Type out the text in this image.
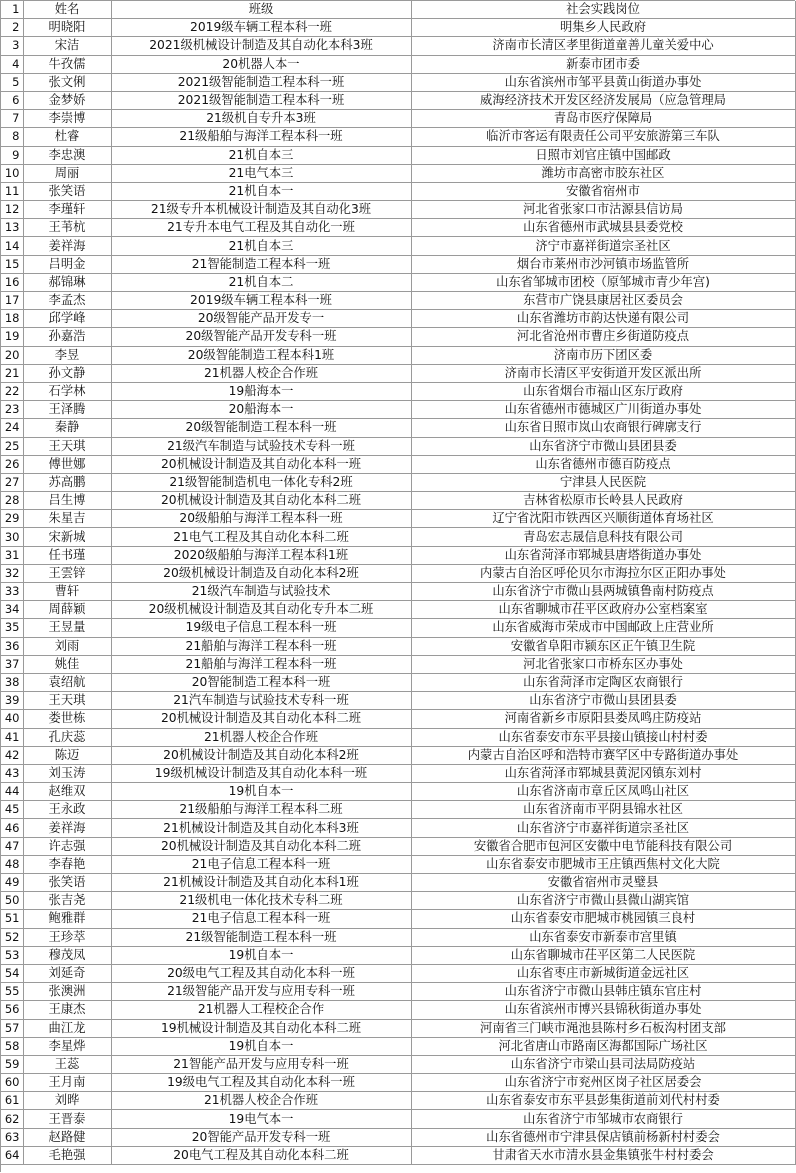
1	姓名	班级	社会实践岗位
2	明晓阳	2019级车辆工程本科一班	明集乡人民政府
3	宋洁	2021级机械设计制造及其自动化本科3班	济南市长清区孝里街道童善儿童关爱中心
4	牛孜儒	20机器人本一	新泰市团市委
5	张文俐	2021级智能制造工程本科一班	山东省滨州市邹平县黄山街道办事处
6	金梦娇	2021级智能制造工程本科一班	威海经济技术开发区经济发展局（应急管理局
7	李崇博	21级机自专升本3班	青岛市医疗保障局
8	杜睿	21级船舶与海洋工程本科一班	临沂市客运有限责任公司平安旅游第三车队
9	李忠澳	21机自本三	日照市刘官庄镇中国邮政
10	周丽	21电气本三	潍坊市高密市胶东社区
11	张笑语	21机自本一	安徽省宿州市
12	李瑾轩	21级专升本机械设计制造及其自动化3班	河北省张家口市沽源县信访局
13	王苇杭	21专升本电气工程及其自动化一班	山东省德州市武城县县委党校
14	姜祥海	21机自本三	济宁市嘉祥街道宗圣社区
15	吕明金	21智能制造工程本科一班	烟台市莱州市沙河镇市场监管所
16	郝锦琳	21机自本二	山东省邹城市团校（原邹城市青少年宫)
17	李孟杰	2019级车辆工程本科一班	东营市广饶县康居社区委员会
18	邱学峰	20级智能产品开发专一	山东省潍坊市韵达快递有限公司
19	孙嘉浩	20级智能产品开发专科一班	河北省沧州市曹庄乡街道防疫点
20	李昱	20级智能制造工程本科1班	济南市历下团区委
21	孙文静	21机器人校企合作班	济南市长清区平安街道开发区派出所
22	石学林	19船海本一	山东省烟台市福山区东厅政府
23	王泽腾	20船海本一	山东省德州市德城区广川街道办事处
24	秦静	20级智能制造工程本科一班	山东省日照市岚山农商银行碑廓支行
25	王天琪	21级汽车制造与试验技术专科一班	山东省济宁市微山县团县委
26	傅世娜	20机械设计制造及其自动化本科一班	山东省德州市德百防疫点
27	苏高鹏	21级智能制造机电一体化专科2班	宁津县人民医院
28	吕生博	20机械设计制造及其自动化本科二班	吉林省松原市长岭县人民政府
29	朱星吉	20级船舶与海洋工程本科一班	辽宁省沈阳市铁西区兴顺街道体育场社区
30	宋新城	21电气工程及其自动化本科二班	青岛宏志晟信息科技有限公司
31	任书瑾	2020级船舶与海洋工程本科1班	山东省菏泽市郓城县唐塔街道办事处
32	王雲锌	20级机械设计制造及自动化本科2班	内蒙古自治区呼伦贝尔市海拉尔区正阳办事处
33	曹轩	21级汽车制造与试验技术	山东省济宁市微山县两城镇鲁南村防疫点
34	周薛颖	20级机械设计制造及其自动化专升本二班	山东省聊城市茌平区政府办公室档案室
35	王昱量	19级电子信息工程本科一班	山东省威海市荣成市中国邮政上庄营业所
36	刘雨	21船舶与海洋工程本科一班	安徽省阜阳市颍东区正午镇卫生院
37	姚佳	21船舶与海洋工程本科一班	河北省张家口市桥东区办事处
38	袁绍航	20智能制造工程本科一班	山东省菏泽市定陶区农商银行
39	王天琪	21汽车制造与试验技术专科一班	山东省济宁市微山县团县委
40	娄世栋	20机械设计制造及其自动化本科二班	河南省新乡市原阳县娄凤鸣庄防疫站
41	孔庆蕊	21机器人校企合作班	山东省泰安市东平县接山镇接山村村委
42	陈迈	20机械设计制造及其自动化本科2班	内蒙古自治区呼和浩特市赛罕区中专路街道办事处
43	刘玉涛	19级机械设计制造及其自动化本科一班	山东省菏泽市郓城县黄泥冈镇东刘村
44	赵维双	19机自本一	山东省济南市章丘区凤鸣山社区
45	王永政	21级船舶与海洋工程本科二班	山东省济南市平阴县锦水社区
46	姜祥海	21机械设计制造及其自动化本科3班	山东省济宁市嘉祥街道宗圣社区
47	许志强	20机械设计制造及其自动化本科二班	安徽省合肥市包河区安徽中电节能科技有限公司
48	李春艳	21电子信息工程本科一班	山东省泰安市肥城市王庄镇西焦村文化大院
49	张笑语	21机械设计制造及其自动化本科1班	安徽省宿州市灵璧县
50	张吉尧	21级机电一体化技术专科二班	山东省济宁市微山县微山湖宾馆
51	鲍雅群	21电子信息工程本科一班	山东省泰安市肥城市桃园镇三良村
52	王珍萃	21级智能制造工程本科一班	山东省泰安市新泰市宫里镇
53	穆茂凤	19机自本一	山东省聊城市茌平区第二人民医院
54	刘延奇	20级电气工程及其自动化本科一班	山东省枣庄市新城街道金远社区
55	张澳洲	21级智能产品开发与应用专科一班	山东省济宁市微山县韩庄镇东官庄村
56	王康杰	21机器人工程校企合作	山东省滨州市博兴县锦秋街道办事处
57	曲江龙	19机械设计制造及其自动化本科二班	河南省三门峡市渑池县陈村乡石板沟村团支部
58	李星烨	19机自本一	河北省唐山市路南区海都国际广场社区
59	王蕊	21智能产品开发与应用专科一班	山东省济宁市梁山县司法局防疫站
60	王月南	19级电气工程及其自动化本科一班	山东省济宁市兖州区岗子社区居委会
61	刘晔	21机器人校企合作班	山东省泰安市东平县彭集街道前刘代村村委
62	王晋泰	19电气本一	山东省济宁市邹城市农商银行
63	赵路健	20智能产品开发专科一班	山东省德州市宁津县保店镇前杨新村村委会
64	毛艳强	20电气工程及其自动化本科二班	甘肃省天水市清水县金集镇张牛村村委会
